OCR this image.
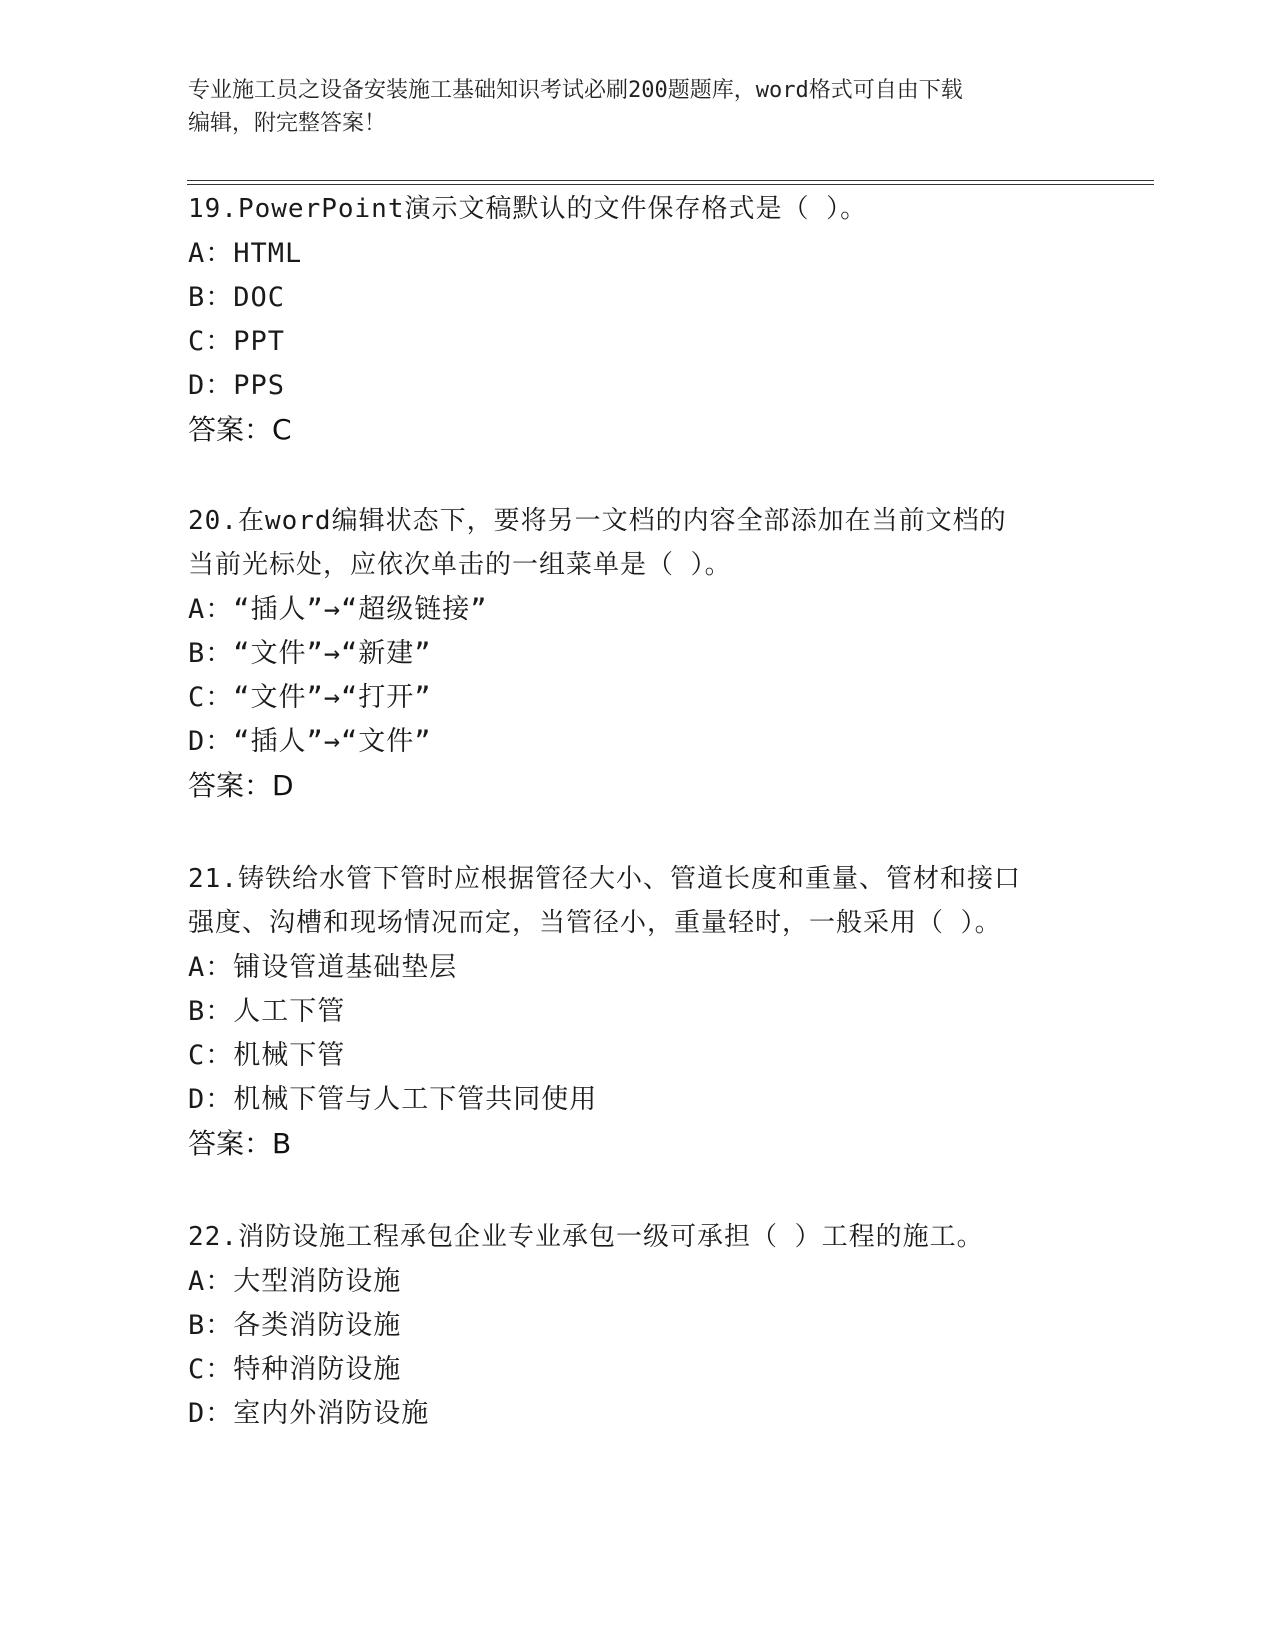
专业施工员之设备安装施工基础知识考试必刷200题题库，word格式可自由下载
编辑，附完整答案！
19.PowerPoint演示文稿默认的文件保存格式是（ ）。
A：HTML
B：DOC
C：PPT
D：PPS
答案：C
20.在word编辑状态下，要将另一文档的内容全部添加在当前文档的
当前光标处，应依次单击的一组菜单是（ ）。
A：“插人”→“超级链接”
B：“文件”→“新建”
C：“文件”→“打开”
D：“插人”→“文件”
答案：D
21.铸铁给水管下管时应根据管径大小、管道长度和重量、管材和接口
强度、沟槽和现场情况而定，当管径小，重量轻时，一般采用（ ）。
A：铺设管道基础垫层
B：人工下管
C：机械下管
D：机械下管与人工下管共同使用
答案：B
22.消防设施工程承包企业专业承包一级可承担（ ）工程的施工。
A：大型消防设施
B：各类消防设施
C：特种消防设施
D：室内外消防设施
